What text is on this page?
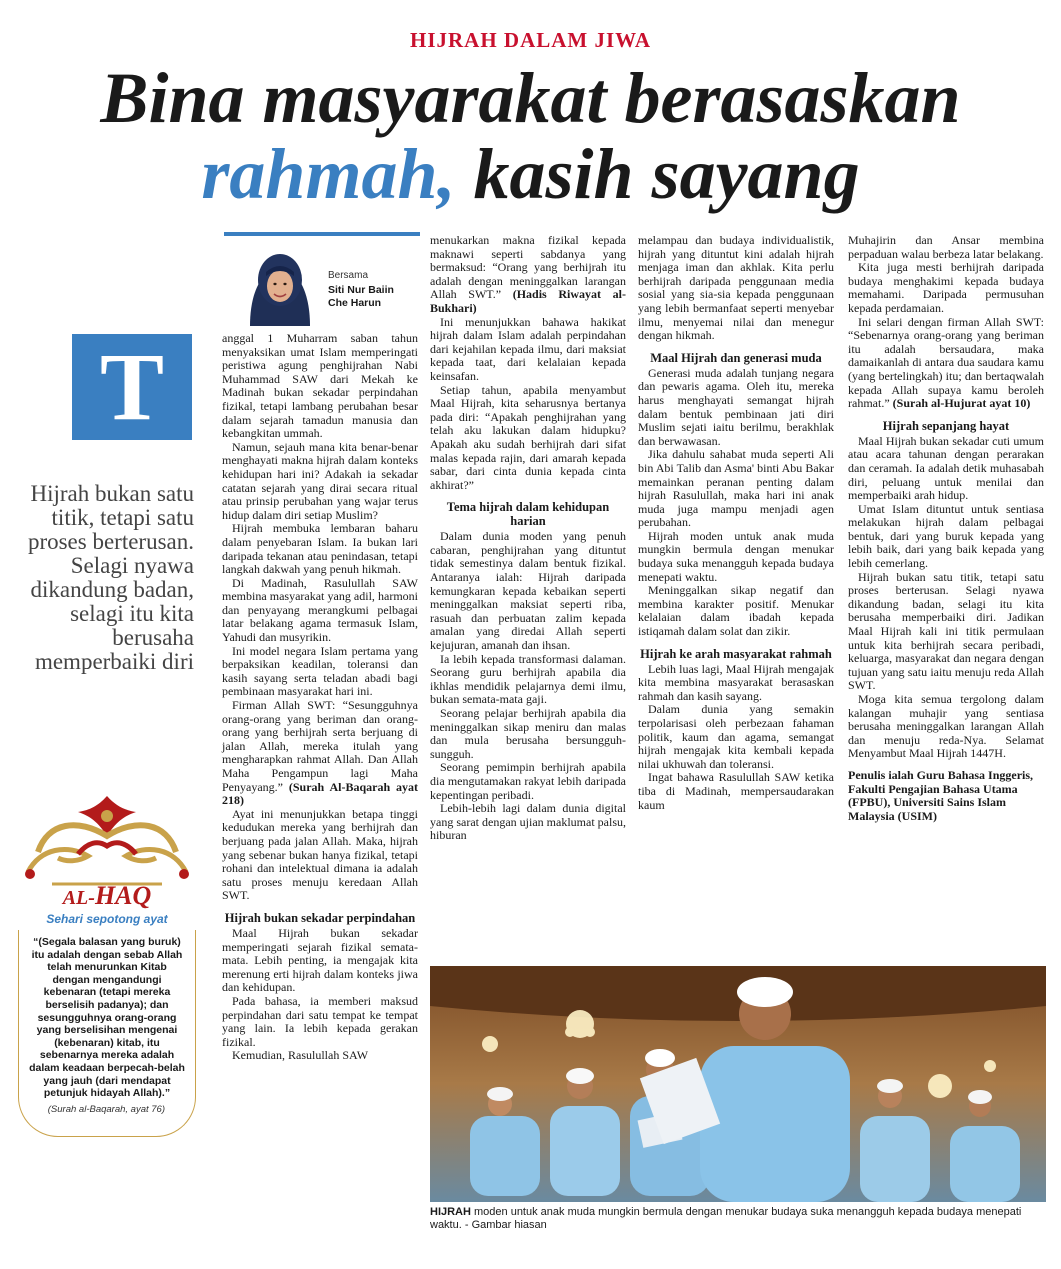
HIJRAH DALAM JIWA
Bina masyarakat berasaskan
rahmah, kasih sayang
Bersama
Siti Nur Baiin
Che Harun
T
Hijrah bukan satu titik, tetapi satu proses berterusan. Selagi nyawa dikandung badan, selagi itu kita berusaha memperbaiki diri
AL-HAQ
Sehari sepotong ayat
“(Segala balasan yang buruk) itu adalah dengan sebab Allah telah menurunkan Kitab dengan mengandungi kebenaran (tetapi mereka berselisih padanya); dan sesungguhnya orang-orang yang berselisihan mengenai (kebenaran) kitab, itu sebenarnya mereka adalah dalam keadaan berpecah-belah yang jauh (dari mendapat petunjuk hidayah Allah).”
(Surah al-Baqarah, ayat 76)

anggal 1 Muharram saban tahun menyaksikan umat Islam memperingati peristiwa agung penghijrahan Nabi Muhammad SAW dari Mekah ke Madinah bukan sekadar perpindahan fizikal, tetapi lambang perubahan besar dalam sejarah tamadun manusia dan kebangkitan ummah.

Namun, sejauh mana kita benar-benar menghayati makna hijrah dalam konteks kehidupan hari ini? Adakah ia sekadar catatan sejarah yang dirai secara ritual atau prinsip perubahan yang wajar terus hidup dalam diri setiap Muslim?

Hijrah membuka lembaran baharu dalam penyebaran Islam. Ia bukan lari daripada tekanan atau penindasan, tetapi langkah dakwah yang penuh hikmah.

Di Madinah, Rasulullah SAW membina masyarakat yang adil, harmoni dan penyayang merangkumi pelbagai latar belakang agama termasuk Islam, Yahudi dan musyrikin.

Ini model negara Islam pertama yang berpaksikan keadilan, toleransi dan kasih sayang serta teladan abadi bagi pembinaan masyarakat hari ini.

Firman Allah SWT: “Sesungguhnya orang-orang yang beriman dan orang-orang yang berhijrah serta berjuang di jalan Allah, mereka itulah yang mengharapkan rahmat Allah. Dan Allah Maha Pengampun lagi Maha Penyayang.” (Surah Al-Baqarah ayat 218)

Ayat ini menunjukkan betapa tinggi kedudukan mereka yang berhijrah dan berjuang pada jalan Allah. Maka, hijrah yang sebenar bukan hanya fizikal, tetapi rohani dan intelektual dimana ia adalah satu proses menuju keredaan Allah SWT.

Hijrah bukan sekadar perpindahan

Maal Hijrah bukan sekadar memperingati sejarah fizikal semata-mata. Lebih penting, ia mengajak kita merenung erti hijrah dalam konteks jiwa dan kehidupan.

Pada bahasa, ia memberi maksud perpindahan dari satu tempat ke tempat yang lain. Ia lebih kepada gerakan fizikal.

Kemudian, Rasulullah SAW

menukarkan makna fizikal kepada maknawi seperti sabdanya yang bermaksud: “Orang yang berhijrah itu adalah dengan meninggalkan larangan Allah SWT.” (Hadis Riwayat al-Bukhari)

Ini menunjukkan bahawa hakikat hijrah dalam Islam adalah perpindahan dari kejahilan kepada ilmu, dari maksiat kepada taat, dari kelalaian kepada keinsafan.

Setiap tahun, apabila menyambut Maal Hijrah, kita seharusnya bertanya pada diri: “Apakah penghijrahan yang telah aku lakukan dalam hidupku? Apakah aku sudah berhijrah dari sifat malas kepada rajin, dari amarah kepada sabar, dari cinta dunia kepada cinta akhirat?”

Tema hijrah dalam kehidupan harian

Dalam dunia moden yang penuh cabaran, penghijrahan yang dituntut tidak semestinya dalam bentuk fizikal. Antaranya ialah: Hijrah daripada kemungkaran kepada kebaikan seperti meninggalkan maksiat seperti riba, rasuah dan perbuatan zalim kepada amalan yang diredai Allah seperti kejujuran, amanah dan ihsan.

Ia lebih kepada transformasi dalaman. Seorang guru berhijrah apabila dia ikhlas mendidik pelajarnya demi ilmu, bukan semata-mata gaji.

Seorang pelajar berhijrah apabila dia meninggalkan sikap meniru dan malas dan mula berusaha bersungguh-sungguh.

Seorang pemimpin berhijrah apabila dia mengutamakan rakyat lebih daripada kepentingan peribadi.

Lebih-lebih lagi dalam dunia digital yang sarat dengan ujian maklumat palsu, hiburan

melampau dan budaya individualistik, hijrah yang dituntut kini adalah hijrah menjaga iman dan akhlak. Kita perlu berhijrah daripada penggunaan media sosial yang sia-sia kepada penggunaan yang lebih bermanfaat seperti menyebar ilmu, menyemai nilai dan menegur dengan hikmah.

Maal Hijrah dan generasi muda

Generasi muda adalah tunjang negara dan pewaris agama. Oleh itu, mereka harus menghayati semangat hijrah dalam bentuk pembinaan jati diri Muslim sejati iaitu berilmu, berakhlak dan berwawasan.

Jika dahulu sahabat muda seperti Ali bin Abi Talib dan Asma' binti Abu Bakar memainkan peranan penting dalam hijrah Rasulullah, maka hari ini anak muda juga mampu menjadi agen perubahan.

Hijrah moden untuk anak muda mungkin bermula dengan menukar budaya suka menangguh kepada budaya menepati waktu.

Meninggalkan sikap negatif dan membina karakter positif. Menukar kelalaian dalam ibadah kepada istiqamah dalam solat dan zikir.

Hijrah ke arah masyarakat rahmah

Lebih luas lagi, Maal Hijrah mengajak kita membina masyarakat berasaskan rahmah dan kasih sayang.

Dalam dunia yang semakin terpolarisasi oleh perbezaan fahaman politik, kaum dan agama, semangat hijrah mengajak kita kembali kepada nilai ukhuwah dan toleransi.

Ingat bahawa Rasulullah SAW ketika tiba di Madinah, mempersaudarakan kaum

Muhajirin dan Ansar membina perpaduan walau berbeza latar belakang.

Kita juga mesti berhijrah daripada budaya menghakimi kepada budaya memahami. Daripada permusuhan kepada perdamaian.

Ini selari dengan firman Allah SWT: “Sebenarnya orang-orang yang beriman itu adalah bersaudara, maka damaikanlah di antara dua saudara kamu (yang bertelingkah) itu; dan bertaqwalah kepada Allah supaya kamu beroleh rahmat.” (Surah al-Hujurat ayat 10)

Hijrah sepanjang hayat

Maal Hijrah bukan sekadar cuti umum atau acara tahunan dengan perarakan dan ceramah. Ia adalah detik muhasabah diri, peluang untuk menilai dan memperbaiki arah hidup.

Umat Islam dituntut untuk sentiasa melakukan hijrah dalam pelbagai bentuk, dari yang buruk kepada yang lebih baik, dari yang baik kepada yang lebih cemerlang.

Hijrah bukan satu titik, tetapi satu proses berterusan. Selagi nyawa dikandung badan, selagi itu kita berusaha memperbaiki diri. Jadikan Maal Hijrah kali ini titik permulaan untuk kita berhijrah secara peribadi, keluarga, masyarakat dan negara dengan tujuan yang satu iaitu menuju reda Allah SWT.

Moga kita semua tergolong dalam kalangan muhajir yang sentiasa berusaha meninggalkan larangan Allah dan menuju reda-Nya. Selamat Menyambut Maal Hijrah 1447H.

Penulis ialah Guru Bahasa Inggeris, Fakulti Pengajian Bahasa Utama (FPBU), Universiti Sains Islam Malaysia (USIM)

HIJRAH moden untuk anak muda mungkin bermula dengan menukar budaya suka menangguh kepada budaya menepati waktu. - Gambar hiasan
